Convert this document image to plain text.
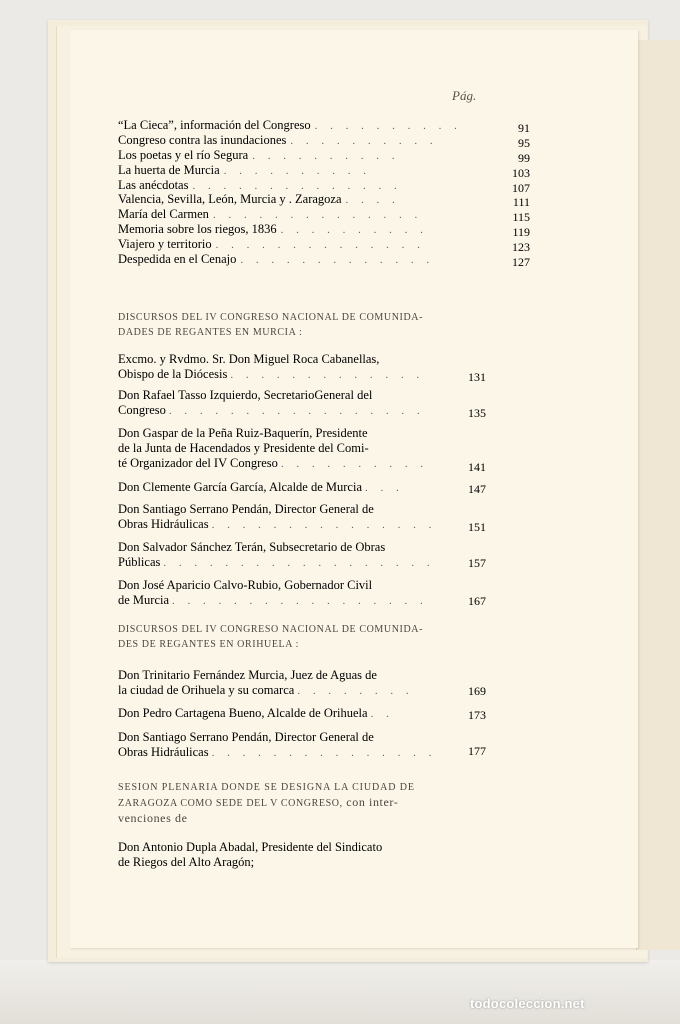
Pág.
“La Cieca”, información del Congreso . . . . . . . . . .	91
Congreso contra las inundaciones . . . . . . . . . .	95
Los poetas y el río Segura . . . . . . . . . .	99
La huerta de Murcia . . . . . . . . . .	103
Las anécdotas . . . . . . . . . . . . . .	107
Valencia, Sevilla, León, Murcia y . Zaragoza . . . .	111
María del Carmen . . . . . . . . . . . . . .	115
Memoria sobre los riegos, 1836 . . . . . . . . . .	119
Viajero y territorio . . . . . . . . . . . . . .	123
Despedida en el Cenajo . . . . . . . . . . . . .	127
DISCURSOS DEL IV CONGRESO NACIONAL DE COMUNIDA-
DADES DE REGANTES EN MURCIA :
Excmo. y Rvdmo. Sr. Don Miguel Roca Cabanellas,
Obispo de la Diócesis . . . . . . . . . . . . .	131
Don Rafael Tasso Izquierdo, SecretarioGeneral del
Congreso . . . . . . . . . . . . . . . . .	135
Don Gaspar de la Peña Ruiz-Baquerín, Presidente
de la Junta de Hacendados y Presidente del Comi-
té Organizador del IV Congreso . . . . . . . . . .	141
Don Clemente García García, Alcalde de Murcia . . .	147
Don Santiago Serrano Pendán, Director General de
Obras Hidráulicas . . . . . . . . . . . . . . .	151
Don Salvador Sánchez Terán, Subsecretario de Obras
Públicas . . . . . . . . . . . . . . . . . .	157
Don José Aparicio Calvo-Rubio, Gobernador Civil
de Murcia . . . . . . . . . . . . . . . . .	167
DISCURSOS DEL IV CONGRESO NACIONAL DE COMUNIDA-
DES DE REGANTES EN ORIHUELA :
Don Trinitario Fernández Murcia, Juez de Aguas de
la ciudad de Orihuela y su comarca . . . . . . . .	169
Don Pedro Cartagena Bueno, Alcalde de Orihuela . .	173
Don Santiago Serrano Pendán, Director General de
Obras Hidráulicas . . . . . . . . . . . . . . .	177
SESION PLENARIA DONDE SE DESIGNA LA CIUDAD DE
ZARAGOZA COMO SEDE DEL V CONGRESO, con inter-
venciones de
Don Antonio Dupla Abadal, Presidente del Sindicato
de Riegos del Alto Aragón;
todocoleccion.net
